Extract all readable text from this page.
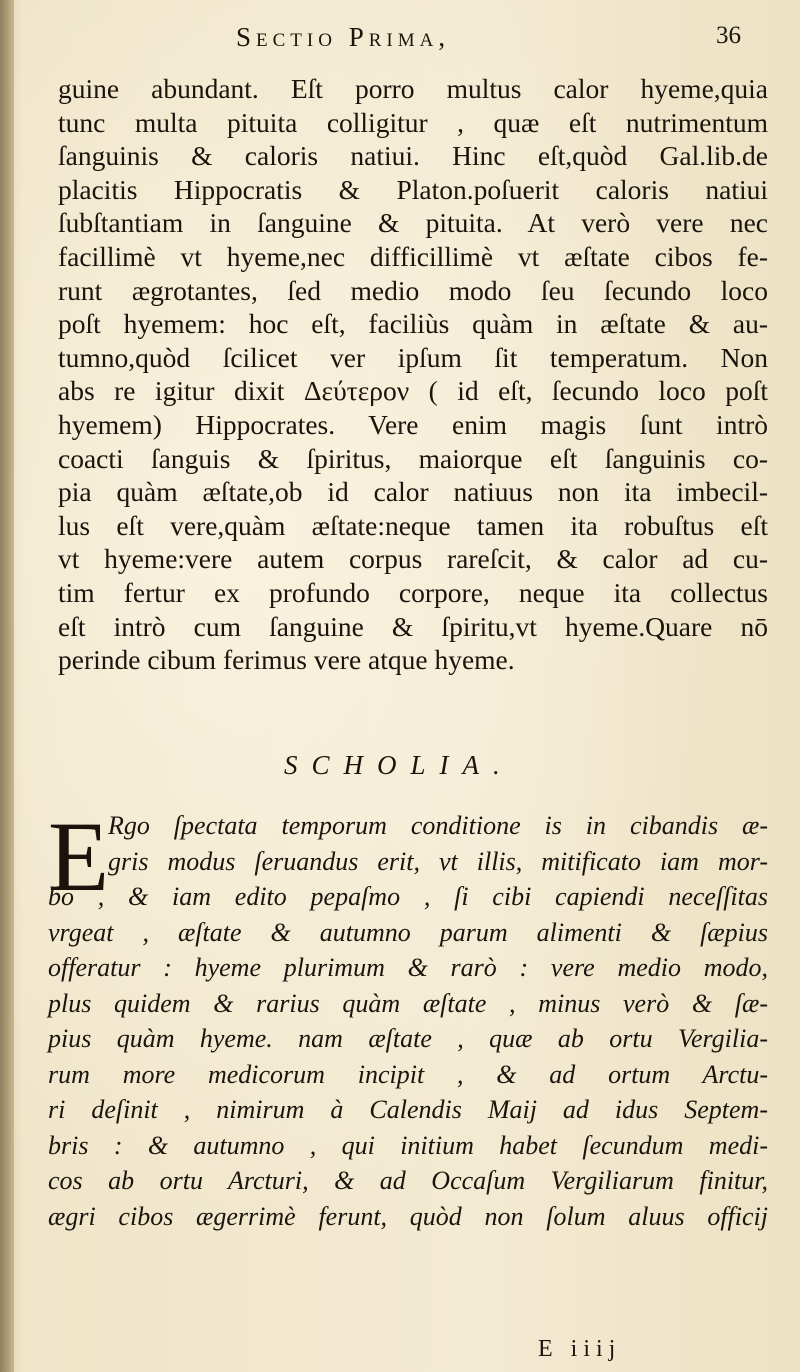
Sectio Prima,	36
guine abundant. Eſt porro multus calor hyeme,quia
tunc multa pituita colligitur , quæ eſt nutrimentum
ſanguinis & caloris natiui. Hinc eſt,quòd Gal.lib.de
placitis Hippocratis & Platon.poſuerit caloris natiui
ſubſtantiam in ſanguine & pituita. At verò vere nec
facillimè vt hyeme,nec difficillimè vt æſtate cibos fe-
runt ægrotantes, ſed medio modo ſeu ſecundo loco
poſt hyemem: hoc eſt, faciliùs quàm in æſtate & au-
tumno,quòd ſcilicet ver ipſum ſit temperatum. Non
abs re igitur dixit Δεύτερον ( id eſt, ſecundo loco poſt
hyemem) Hippocrates. Vere enim magis ſunt intrò
coacti ſanguis & ſpiritus, maiorque eſt ſanguinis co-
pia quàm æſtate,ob id calor natiuus non ita imbecil-
lus eſt vere,quàm æſtate:neque tamen ita robuſtus eſt
vt hyeme:vere autem corpus rareſcit, & calor ad cu-
tim fertur ex profundo corpore, neque ita collectus
eſt intrò cum ſanguine & ſpiritu,vt hyeme.Quare nō
perinde cibum ferimus vere atque hyeme.
SCHOLIA.
E
Rgo ſpectata temporum conditione is in cibandis æ-
gris modus ſeruandus erit, vt illis, mitificato iam mor-
bo , & iam edito pepaſmo , ſi cibi capiendi neceſſitas
vrgeat , æſtate & autumno parum alimenti & ſæpius
offeratur : hyeme plurimum & rarò : vere medio modo,
plus quidem & rarius quàm æſtate , minus verò & ſæ-
pius quàm hyeme. nam æſtate , quæ ab ortu Vergilia-
rum more medicorum incipit , & ad ortum Arctu-
ri deſinit , nimirum à Calendis Maij ad idus Septem-
bris : & autumno , qui initium habet ſecundum medi-
cos ab ortu Arcturi, & ad Occaſum Vergiliarum finitur,
ægri cibos ægerrimè ferunt, quòd non ſolum aluus officij
E iiij
